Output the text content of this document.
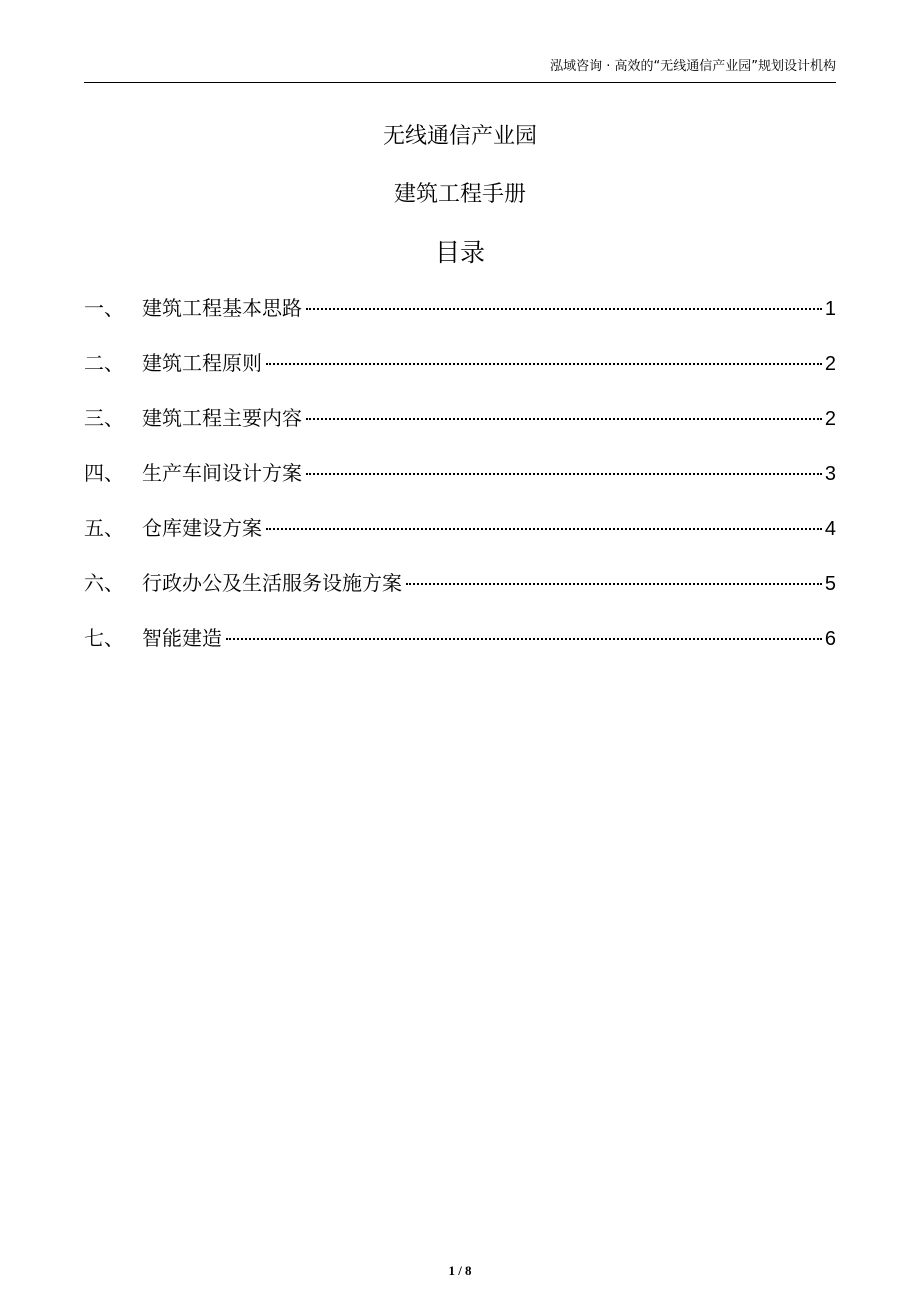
泓域咨询 · 高效的“无线通信产业园”规划设计机构
无线通信产业园
建筑工程手册
目录
一、 建筑工程基本思路	1
二、 建筑工程原则	2
三、 建筑工程主要内容	2
四、 生产车间设计方案	3
五、 仓库建设方案	4
六、 行政办公及生活服务设施方案	5
七、 智能建造	6
1 / 8
